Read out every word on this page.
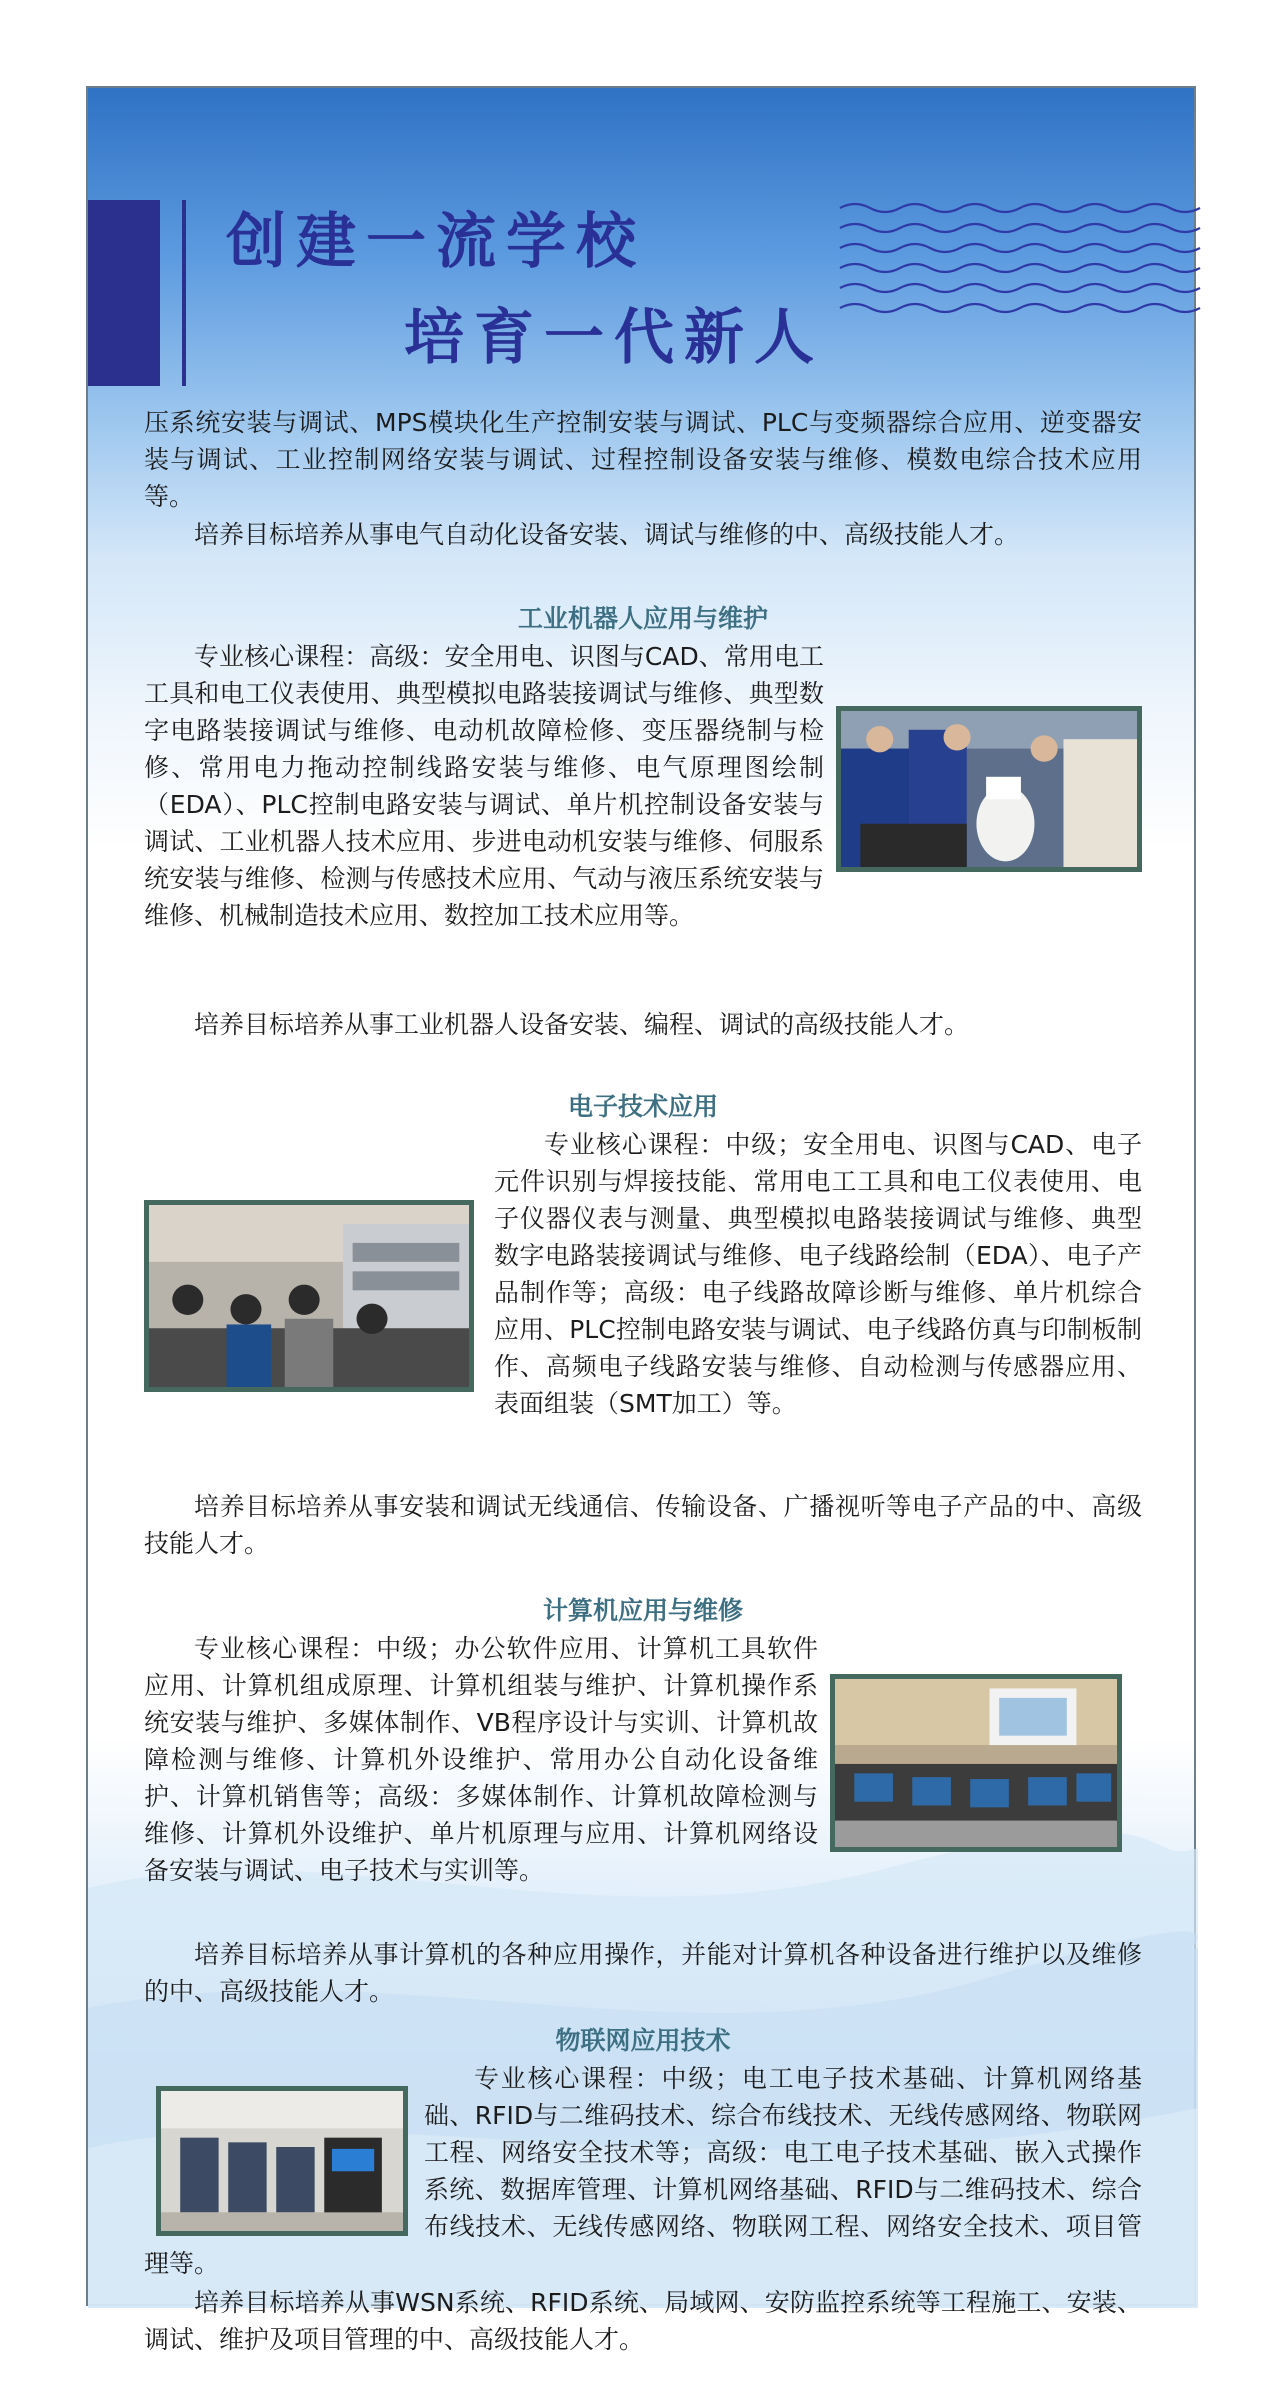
创建一流学校
培育一代新人
压系统安装与调试、MPS模块化生产控制安装与调试、PLC与变频器综合应用、逆变器安装与调试、工业控制网络安装与调试、过程控制设备安装与维修、模数电综合技术应用等。
培养目标培养从事电气自动化设备安装、调试与维修的中、高级技能人才。
工业机器人应用与维护
专业核心课程：高级：安全用电、识图与CAD、常用电工工具和电工仪表使用、典型模拟电路装接调试与维修、典型数字电路装接调试与维修、电动机故障检修、变压器绕制与检修、常用电力拖动控制线路安装与维修、电气原理图绘制（EDA）、PLC控制电路安装与调试、单片机控制设备安装与调试、工业机器人技术应用、步进电动机安装与维修、伺服系统安装与维修、检测与传感技术应用、气动与液压系统安装与维修、机械制造技术应用、数控加工技术应用等。
培养目标培养从事工业机器人设备安装、编程、调试的高级技能人才。
电子技术应用
专业核心课程：中级；安全用电、识图与CAD、电子元件识别与焊接技能、常用电工工具和电工仪表使用、电子仪器仪表与测量、典型模拟电路装接调试与维修、典型数字电路装接调试与维修、电子线路绘制（EDA）、电子产品制作等；高级：电子线路故障诊断与维修、单片机综合应用、PLC控制电路安装与调试、电子线路仿真与印制板制作、高频电子线路安装与维修、自动检测与传感器应用、表面组装（SMT加工）等。
培养目标培养从事安装和调试无线通信、传输设备、广播视听等电子产品的中、高级技能人才。
计算机应用与维修
专业核心课程：中级；办公软件应用、计算机工具软件应用、计算机组成原理、计算机组装与维护、计算机操作系统安装与维护、多媒体制作、VB程序设计与实训、计算机故障检测与维修、计算机外设维护、常用办公自动化设备维护、计算机销售等；高级：多媒体制作、计算机故障检测与维修、计算机外设维护、单片机原理与应用、计算机网络设备安装与调试、电子技术与实训等。
培养目标培养从事计算机的各种应用操作，并能对计算机各种设备进行维护以及维修的中、高级技能人才。
物联网应用技术
专业核心课程：中级；电工电子技术基础、计算机网络基础、RFID与二维码技术、综合布线技术、无线传感网络、物联网工程、网络安全技术等；高级：电工电子技术基础、嵌入式操作系统、数据库管理、计算机网络基础、RFID与二维码技术、综合布线技术、无线传感网络、物联网工程、网络安全技术、项目管理等。
培养目标培养从事WSN系统、RFID系统、局域网、安防监控系统等工程施工、安装、调试、维护及项目管理的中、高级技能人才。
